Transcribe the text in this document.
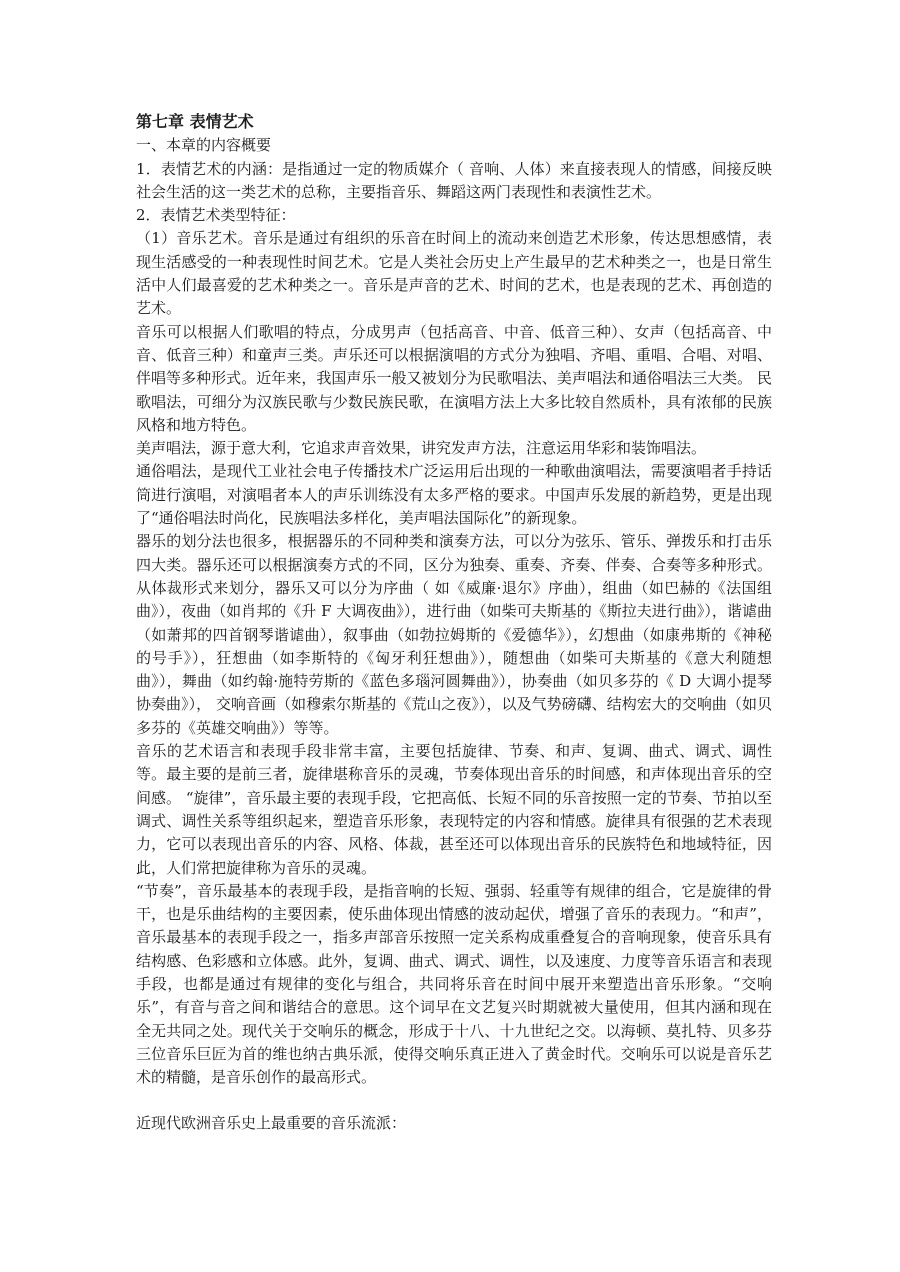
第七章 表情艺术

一、本章的内容概要

1．表情艺术的内涵：是指通过一定的物质媒介（ 音响、人体）来直接表现人的情感，间接反映社会生活的这一类艺术的总称，主要指音乐、舞蹈这两门表现性和表演性艺术。

2．表情艺术类型特征：

（1）音乐艺术。音乐是通过有组织的乐音在时间上的流动来创造艺术形象，传达思想感情，表现生活感受的一种表现性时间艺术。它是人类社会历史上产生最早的艺术种类之一，也是日常生活中人们最喜爱的艺术种类之一。音乐是声音的艺术、时间的艺术，也是表现的艺术、再创造的艺术。

音乐可以根据人们歌唱的特点，分成男声（包括高音、中音、低音三种）、女声（包括高音、中音、低音三种）和童声三类。声乐还可以根据演唱的方式分为独唱、齐唱、重唱、合唱、对唱、伴唱等多种形式。近年来，我国声乐一般又被划分为民歌唱法、美声唱法和通俗唱法三大类。 民歌唱法，可细分为汉族民歌与少数民族民歌，在演唱方法上大多比较自然质朴，具有浓郁的民族风格和地方特色。

美声唱法，源于意大利，它追求声音效果，讲究发声方法，注意运用华彩和装饰唱法。

通俗唱法，是现代工业社会电子传播技术广泛运用后出现的一种歌曲演唱法，需要演唱者手持话筒进行演唱，对演唱者本人的声乐训练没有太多严格的要求。中国声乐发展的新趋势，更是出现了“通俗唱法时尚化，民族唱法多样化，美声唱法国际化”的新现象。

器乐的划分法也很多，根据器乐的不同种类和演奏方法，可以分为弦乐、管乐、弹拨乐和打击乐四大类。器乐还可以根据演奏方式的不同，区分为独奏、重奏、齐奏、伴奏、合奏等多种形式。 从体裁形式来划分，器乐又可以分为序曲（ 如《威廉·退尔》序曲），组曲（如巴赫的《法国组曲》），夜曲（如肖邦的《升 F 大调夜曲》），进行曲（如柴可夫斯基的《斯拉夫进行曲》），谐谑曲（如萧邦的四首钢琴谐谑曲），叙事曲（如勃拉姆斯的《爱德华》），幻想曲（如康弗斯的《神秘的号手》），狂想曲（如李斯特的《匈牙利狂想曲》），随想曲（如柴可夫斯基的《意大利随想曲》），舞曲（如约翰·施特劳斯的《蓝色多瑙河圆舞曲》），协奏曲（如贝多芬的《 D 大调小提琴协奏曲》）， 交响音画（如穆索尔斯基的《荒山之夜》），以及气势磅礴、结构宏大的交响曲（如贝多芬的《英雄交响曲》）等等。

音乐的艺术语言和表现手段非常丰富，主要包括旋律、节奏、和声、复调、曲式、调式、调性等。最主要的是前三者，旋律堪称音乐的灵魂，节奏体现出音乐的时间感，和声体现出音乐的空间感。 “旋律”，音乐最主要的表现手段，它把高低、长短不同的乐音按照一定的节奏、节拍以至调式、调性关系等组织起来，塑造音乐形象，表现特定的内容和情感。旋律具有很强的艺术表现力，它可以表现出音乐的内容、风格、体裁，甚至还可以体现出音乐的民族特色和地域特征，因此，人们常把旋律称为音乐的灵魂。

“节奏”，音乐最基本的表现手段，是指音响的长短、强弱、轻重等有规律的组合，它是旋律的骨干，也是乐曲结构的主要因素，使乐曲体现出情感的波动起伏，增强了音乐的表现力。“和声”，音乐最基本的表现手段之一，指多声部音乐按照一定关系构成重叠复合的音响现象，使音乐具有结构感、色彩感和立体感。此外，复调、曲式、调式、调性，以及速度、力度等音乐语言和表现手段，也都是通过有规律的变化与组合，共同将乐音在时间中展开来塑造出音乐形象。“交响乐”，有音与音之间和谐结合的意思。这个词早在文艺复兴时期就被大量使用，但其内涵和现在全无共同之处。现代关于交响乐的概念，形成于十八、十九世纪之交。以海顿、莫扎特、贝多芬三位音乐巨匠为首的维也纳古典乐派，使得交响乐真正进入了黄金时代。交响乐可以说是音乐艺术的精髓，是音乐创作的最高形式。

近现代欧洲音乐史上最重要的音乐流派：
